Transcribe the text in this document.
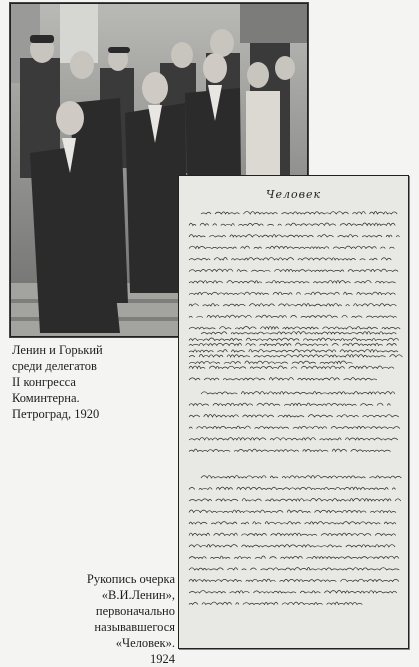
Ленин и Горький
среди делегатов
II конгресса
Коминтерна.
Петроград, 1920

Человек

Рукопись очерка
«В.И.Ленин»,
первоначально
называвшегося
«Человек».
1924
